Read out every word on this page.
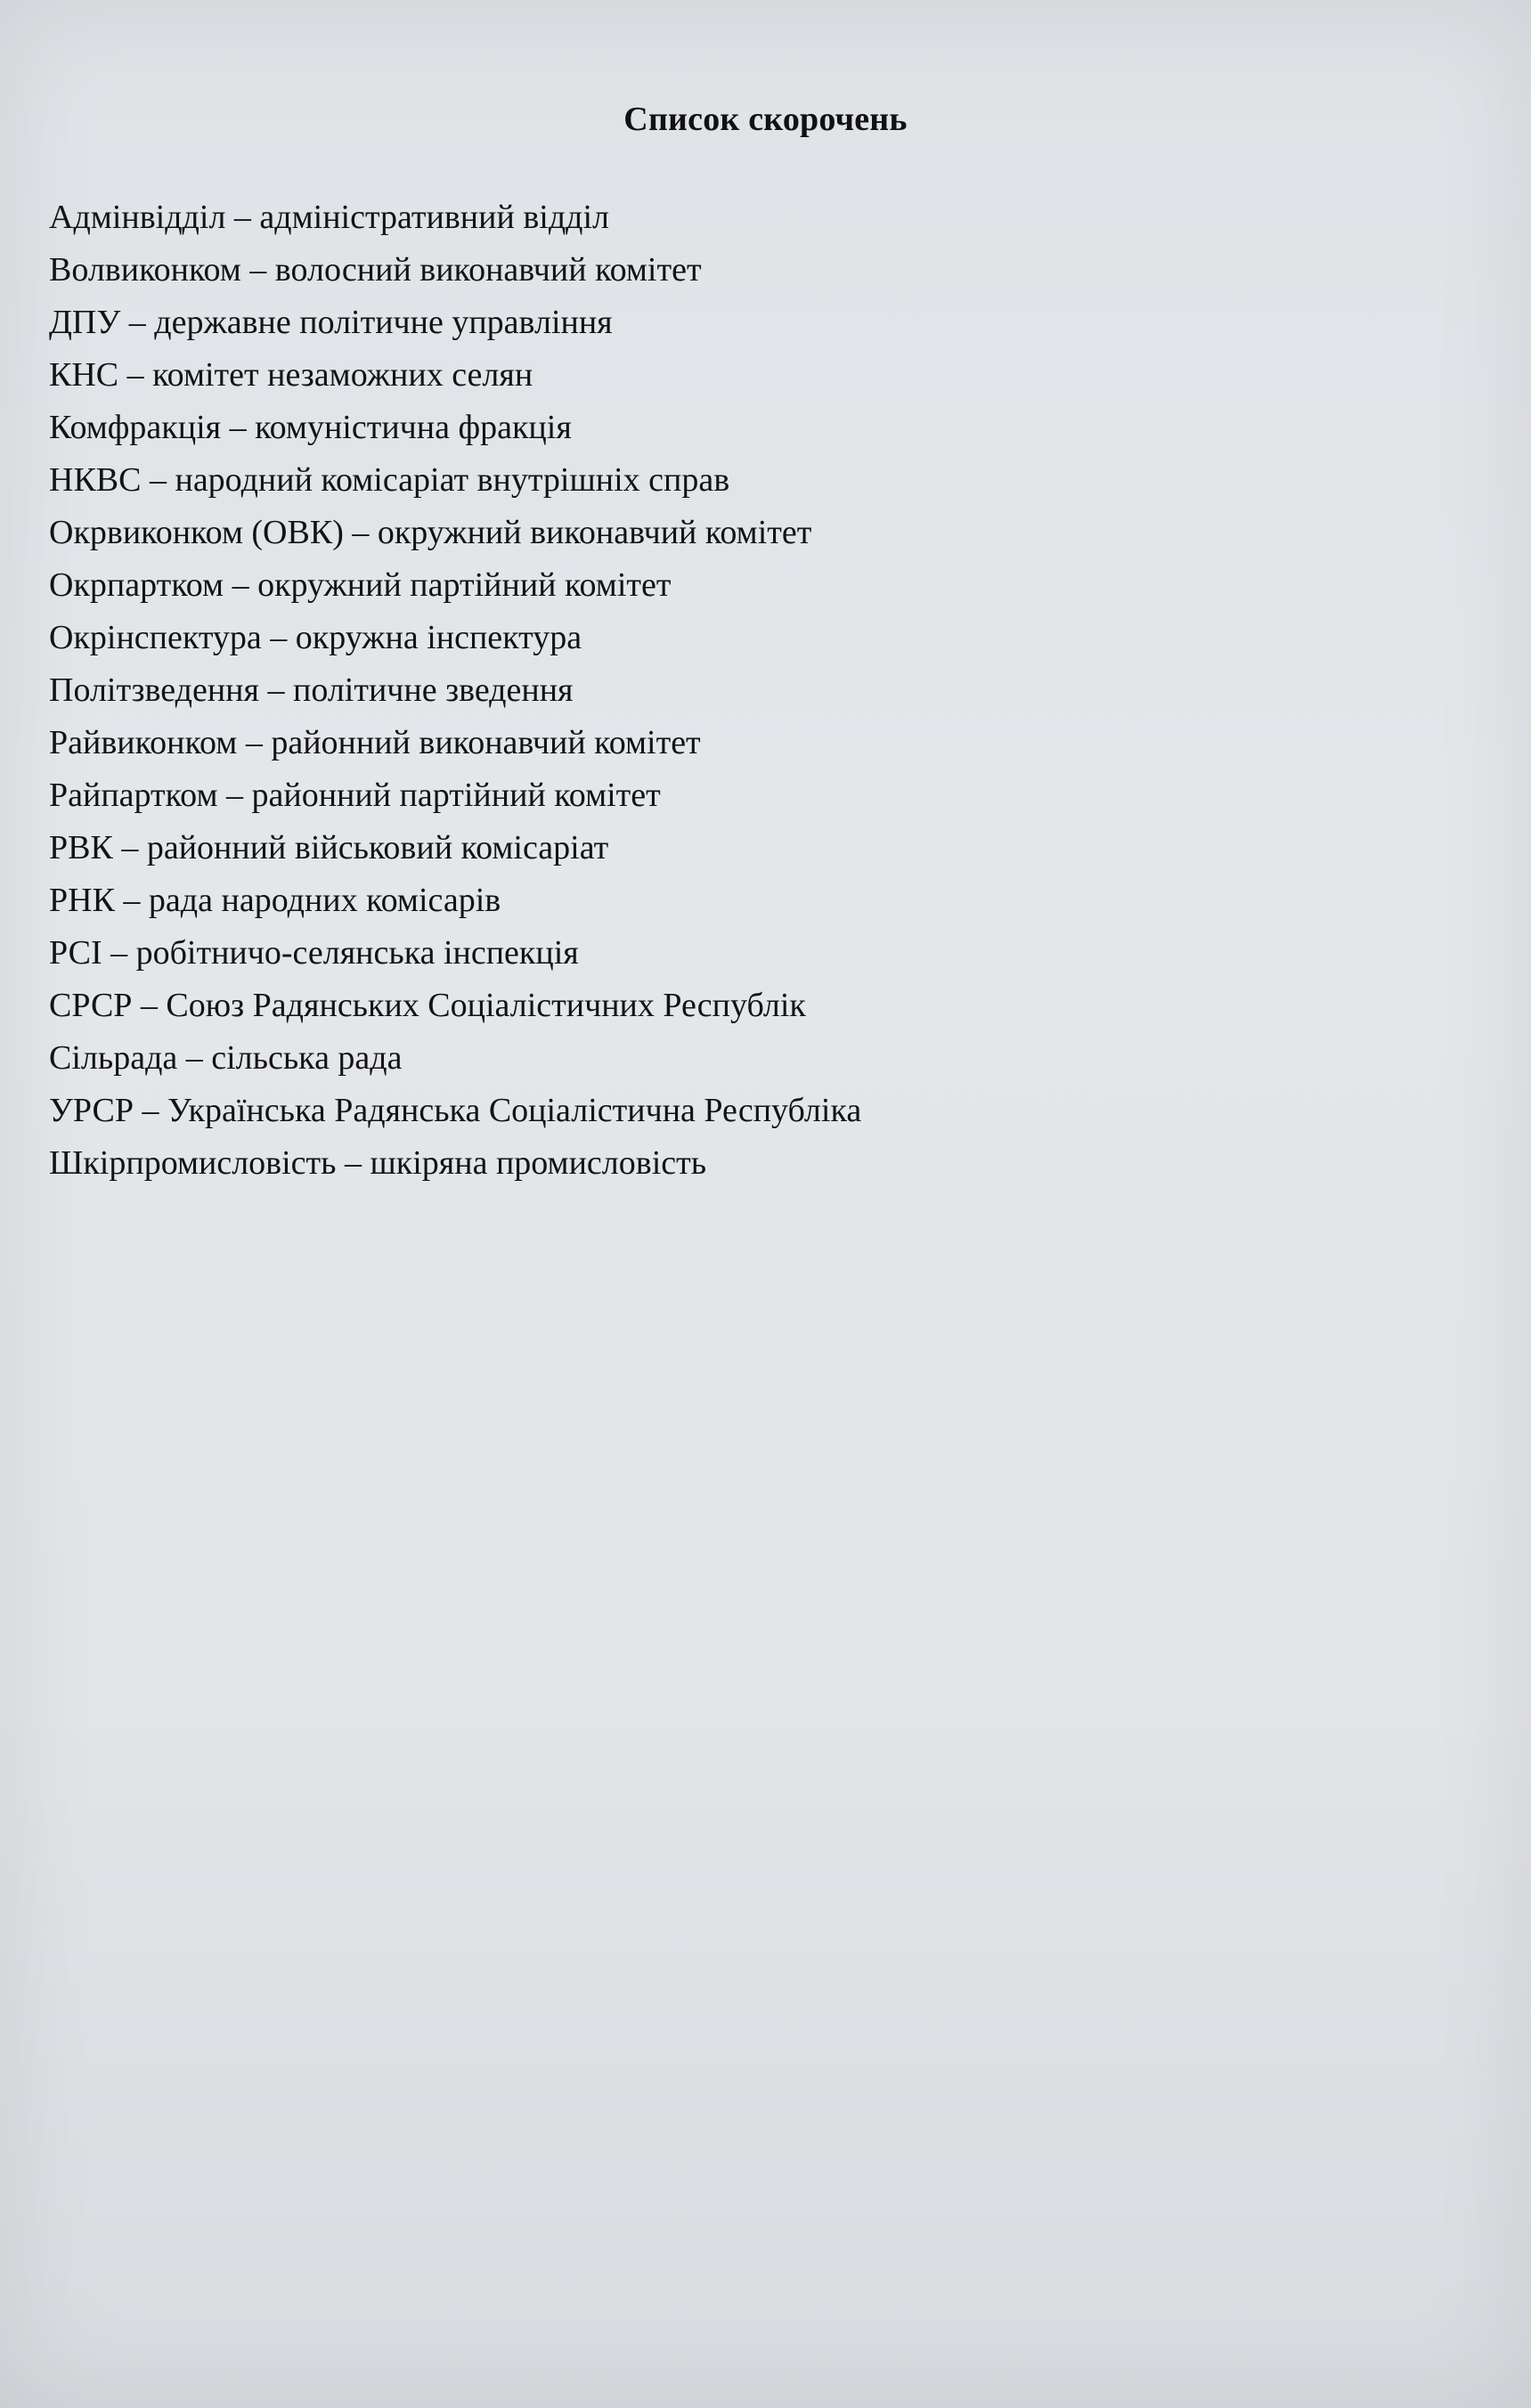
Список скорочень
Адмінвідділ – адміністративний відділ
Волвиконком – волосний виконавчий комітет
ДПУ – державне політичне управління
КНС – комітет незаможних селян
Комфракція – комуністична фракція
НКВС – народний комісаріат внутрішніх справ
Окрвиконком (ОВК) – окружний виконавчий комітет
Окрпартком – окружний партійний комітет
Окрінспектура – окружна інспектура
Політзведення – політичне зведення
Райвиконком – районний виконавчий комітет
Райпартком – районний партійний комітет
РВК – районний військовий комісаріат
РНК – рада народних комісарів
РСІ – робітничо-селянська інспекція
СРСР – Союз Радянських Соціалістичних Республік
Сільрада – сільська рада
УРСР – Українська Радянська Соціалістична Республіка
Шкірпромисловість – шкіряна промисловість
